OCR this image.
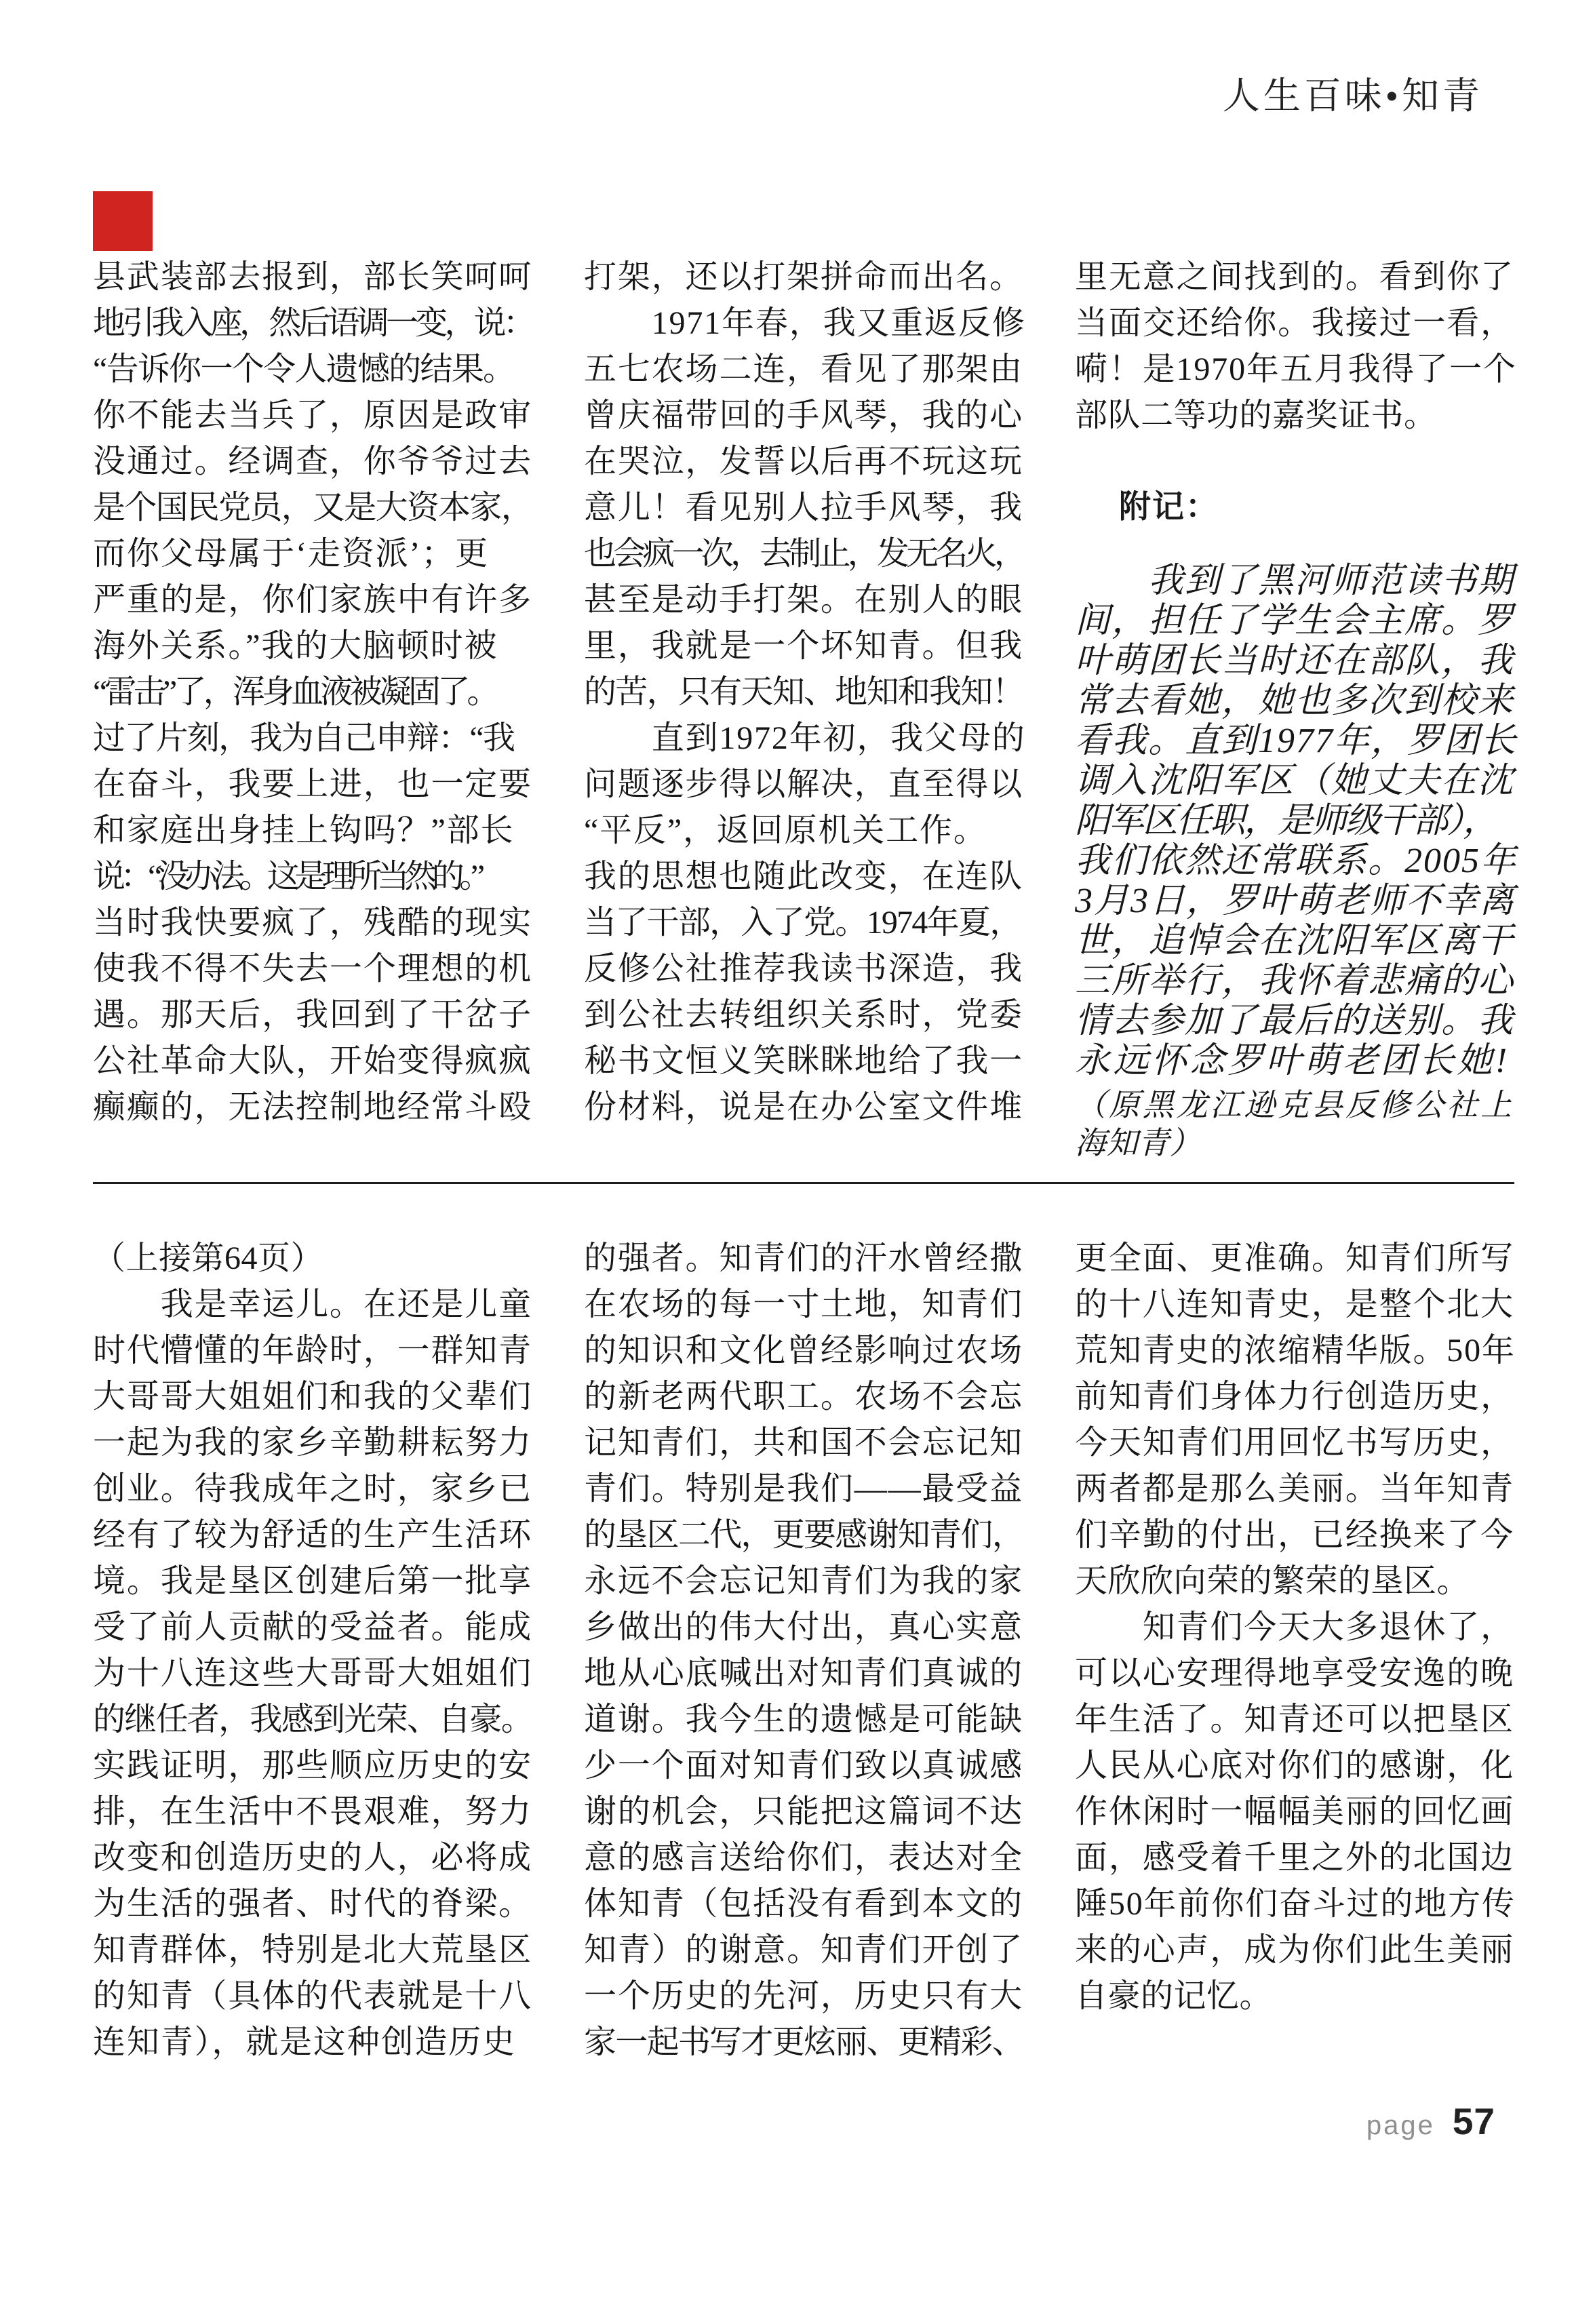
人生百味•知青
县武装部去报到，部长笑呵呵
地引我入座，然后语调一变，说：
“告诉你一个令人遗憾的结果。
你不能去当兵了，原因是政审
没通过。经调查，你爷爷过去
是个国民党员，又是大资本家，
而你父母属于‘走资派’；更
严重的是，你们家族中有许多
海外关系。”我的大脑顿时被
“雷击”了，浑身血液被凝固了。
过了片刻，我为自己申辩：“我
在奋斗，我要上进，也一定要
和家庭出身挂上钩吗？”部长
说：“没办法。这是理所当然的。”
当时我快要疯了，残酷的现实
使我不得不失去一个理想的机
遇。那天后，我回到了干岔子
公社革命大队，开始变得疯疯
癫癫的，无法控制地经常斗殴
打架，还以打架拼命而出名。
　　1971年春，我又重返反修
五七农场二连，看见了那架由
曾庆福带回的手风琴，我的心
在哭泣，发誓以后再不玩这玩
意儿！看见别人拉手风琴，我
也会疯一次，去制止，发无名火，
甚至是动手打架。在别人的眼
里，我就是一个坏知青。但我
的苦，只有天知、地知和我知！
　　直到1972年初，我父母的
问题逐步得以解决，直至得以
“平反”，返回原机关工作。
我的思想也随此改变，在连队
当了干部，入了党。1974年夏，
反修公社推荐我读书深造，我
到公社去转组织关系时，党委
秘书文恒义笑眯眯地给了我一
份材料，说是在办公室文件堆
里无意之间找到的。看到你了
当面交还给你。我接过一看，
嗬！是1970年五月我得了一个
部队二等功的嘉奖证书。
附记：
　　我到了黑河师范读书期
间，担任了学生会主席。罗
叶萌团长当时还在部队，我
常去看她，她也多次到校来
看我。直到1977年，罗团长
调入沈阳军区（她丈夫在沈
阳军区任职，是师级干部），
我们依然还常联系。2005年
3月3日，罗叶萌老师不幸离
世，追悼会在沈阳军区离干
三所举行，我怀着悲痛的心
情去参加了最后的送别。我
永远怀念罗叶萌老团长她!
（原黑龙江逊克县反修公社上
海知青）
（上接第64页）
　　我是幸运儿。在还是儿童
时代懵懂的年龄时，一群知青
大哥哥大姐姐们和我的父辈们
一起为我的家乡辛勤耕耘努力
创业。待我成年之时，家乡已
经有了较为舒适的生产生活环
境。我是垦区创建后第一批享
受了前人贡献的受益者。能成
为十八连这些大哥哥大姐姐们
的继任者，我感到光荣、自豪。
实践证明，那些顺应历史的安
排，在生活中不畏艰难，努力
改变和创造历史的人，必将成
为生活的强者、时代的脊梁。
知青群体，特别是北大荒垦区
的知青（具体的代表就是十八
连知青），就是这种创造历史
的强者。知青们的汗水曾经撒
在农场的每一寸土地，知青们
的知识和文化曾经影响过农场
的新老两代职工。农场不会忘
记知青们，共和国不会忘记知
青们。特别是我们——最受益
的垦区二代，更要感谢知青们，
永远不会忘记知青们为我的家
乡做出的伟大付出，真心实意
地从心底喊出对知青们真诚的
道谢。我今生的遗憾是可能缺
少一个面对知青们致以真诚感
谢的机会，只能把这篇词不达
意的感言送给你们，表达对全
体知青（包括没有看到本文的
知青）的谢意。知青们开创了
一个历史的先河，历史只有大
家一起书写才更炫丽、更精彩、
更全面、更准确。知青们所写
的十八连知青史，是整个北大
荒知青史的浓缩精华版。50年
前知青们身体力行创造历史，
今天知青们用回忆书写历史，
两者都是那么美丽。当年知青
们辛勤的付出，已经换来了今
天欣欣向荣的繁荣的垦区。
　　知青们今天大多退休了，
可以心安理得地享受安逸的晚
年生活了。知青还可以把垦区
人民从心底对你们的感谢，化
作休闲时一幅幅美丽的回忆画
面，感受着千里之外的北国边
陲50年前你们奋斗过的地方传
来的心声，成为你们此生美丽
自豪的记忆。
page 57
